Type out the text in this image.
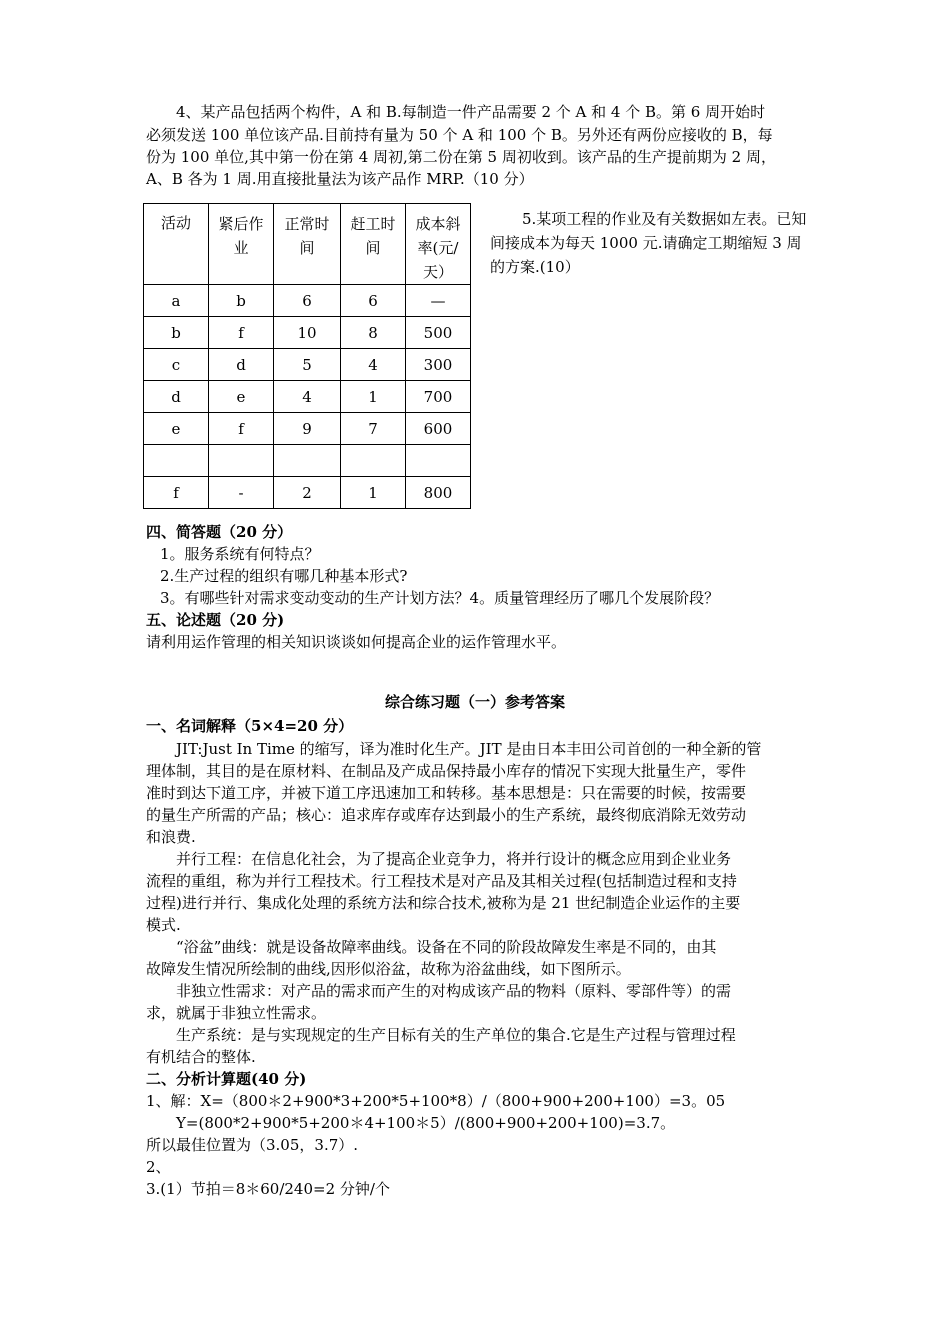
4、某产品包括两个构件，A 和 B.每制造一件产品需要 2 个 A 和 4 个 B。第 6 周开始时

必须发送 100 单位该产品.目前持有量为 50 个 A 和 100 个 B。另外还有两份应接收的 B，每

份为 100 单位,其中第一份在第 4 周初,第二份在第 5 周初收到。该产品的生产提前期为 2 周，

A、B 各为 1 周.用直接批量法为该产品作 MRP.（10 分）

活动	紧后作业	正常时间	赶工时间	成本斜率(元/天）

a	b	6	6	—
b	f	10	8	500
c	d	5	4	300
d	e	4	1	700
e	f	9	7	600

f	-	2	1	800

5.某项工程的作业及有关数据如左表。已知间接成本为每天 1000 元.请确定工期缩短 3 周的方案.(10）

四、简答题（20 分）

1。服务系统有何特点？

2.生产过程的组织有哪几种基本形式?

3。有哪些针对需求变动变动的生产计划方法？4。质量管理经历了哪几个发展阶段？

五、论述题（20 分)

请利用运作管理的相关知识谈谈如何提高企业的运作管理水平。

综合练习题（一）参考答案

一、名词解释（5×4=20 分）

JIT:Just In Time 的缩写，译为准时化生产。JIT 是由日本丰田公司首创的一种全新的管

理体制，其目的是在原材料、在制品及产成品保持最小库存的情况下实现大批量生产，零件

准时到达下道工序，并被下道工序迅速加工和转移。基本思想是：只在需要的时候，按需要

的量生产所需的产品；核心：追求库存或库存达到最小的生产系统，最终彻底消除无效劳动

和浪费.

并行工程：在信息化社会，为了提高企业竞争力，将并行设计的概念应用到企业业务

流程的重组，称为并行工程技术。行工程技术是对产品及其相关过程(包括制造过程和支持

过程)进行并行、集成化处理的系统方法和综合技术,被称为是 21 世纪制造企业运作的主要

模式.

“浴盆”曲线：就是设备故障率曲线。设备在不同的阶段故障发生率是不同的，由其

故障发生情况所绘制的曲线,因形似浴盆，故称为浴盆曲线，如下图所示。

非独立性需求：对产品的需求而产生的对构成该产品的物料（原料、零部件等）的需

求，就属于非独立性需求。

生产系统：是与实现规定的生产目标有关的生产单位的集合.它是生产过程与管理过程

有机结合的整体.

二、分析计算题(40 分)

1、解：X=（800＊2+900*3+200*5+100*8）/（800+900+200+100）=3。05

Y=(800*2+900*5+200＊4+100＊5）/(800+900+200+100)=3.7。

所以最佳位置为（3.05，3.7）.

2、

3.(1）节拍＝8＊60/240=2 分钟/个
